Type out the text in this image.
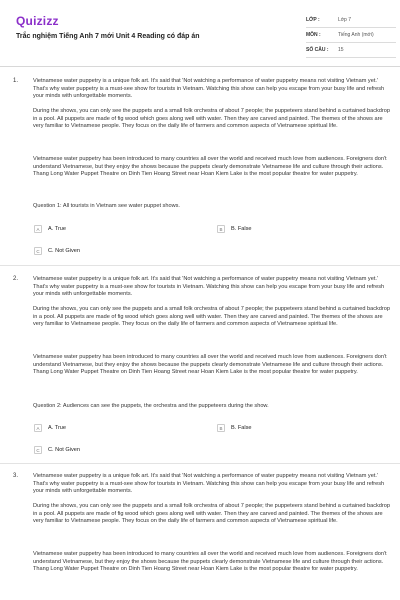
Quizizz
Trắc nghiệm Tiếng Anh 7 mới Unit 4 Reading có đáp án
LỚP :	Lớp 7
MÔN :	Tiếng Anh (mới)
SỐ CÂU :	15
1.	Vietnamese water puppetry is a unique folk art. It's said that 'Not watching a performance of water puppetry means not visiting Vietnam yet.' That's why water puppetry is a must-see show for tourists in Vietnam. Watching this show can help you escape from your busy life and refresh your minds with unforgettable moments.

During the shows, you can only see the puppets and a small folk orchestra of about 7 people; the puppeteers stand behind a curtained backdrop in a pool. All puppets are made of fig wood which goes along well with water. Then they are carved and painted. The themes of the shows are very familiar to Vietnamese people. They focus on the daily life of farmers and common aspects of Vietnamese spiritual life.

Vietnamese water puppetry has been introduced to many countries all over the world and received much love from audiences. Foreigners don't understand Vietnamese, but they enjoy the shows because the puppets clearly demonstrate Vietnamese life and culture through their actions. Thang Long Water Puppet Theatre on Dinh Tien Hoang Street near Hoan Kiem Lake is the most popular theatre for water puppetry.

Question 1: All tourists in Vietnam see water puppet shows.
A	A. True	B	B. False
C	C. Not Given
2.	Vietnamese water puppetry is a unique folk art. It's said that 'Not watching a performance of water puppetry means not visiting Vietnam yet.' That's why water puppetry is a must-see show for tourists in Vietnam. Watching this show can help you escape from your busy life and refresh your minds with unforgettable moments.

During the shows, you can only see the puppets and a small folk orchestra of about 7 people; the puppeteers stand behind a curtained backdrop in a pool. All puppets are made of fig wood which goes along well with water. Then they are carved and painted. The themes of the shows are very familiar to Vietnamese people. They focus on the daily life of farmers and common aspects of Vietnamese spiritual life.

Vietnamese water puppetry has been introduced to many countries all over the world and received much love from audiences. Foreigners don't understand Vietnamese, but they enjoy the shows because the puppets clearly demonstrate Vietnamese life and culture through their actions. Thang Long Water Puppet Theatre on Dinh Tien Hoang Street near Hoan Kiem Lake is the most popular theatre for water puppetry.

Question 2: Audiences can see the puppets, the orchestra and the puppeteers during the show.
A	A. True	B	B. False
C	C. Not Given
3.	Vietnamese water puppetry is a unique folk art. It's said that 'Not watching a performance of water puppetry means not visiting Vietnam yet.' That's why water puppetry is a must-see show for tourists in Vietnam. Watching this show can help you escape from your busy life and refresh your minds with unforgettable moments.

During the shows, you can only see the puppets and a small folk orchestra of about 7 people; the puppeteers stand behind a curtained backdrop in a pool. All puppets are made of fig wood which goes along well with water. Then they are carved and painted. The themes of the shows are very familiar to Vietnamese people. They focus on the daily life of farmers and common aspects of Vietnamese spiritual life.

Vietnamese water puppetry has been introduced to many countries all over the world and received much love from audiences. Foreigners don't understand Vietnamese, but they enjoy the shows because the puppets clearly demonstrate Vietnamese life and culture through their actions. Thang Long Water Puppet Theatre on Dinh Tien Hoang Street near Hoan Kiem Lake is the most popular theatre for water puppetry.
